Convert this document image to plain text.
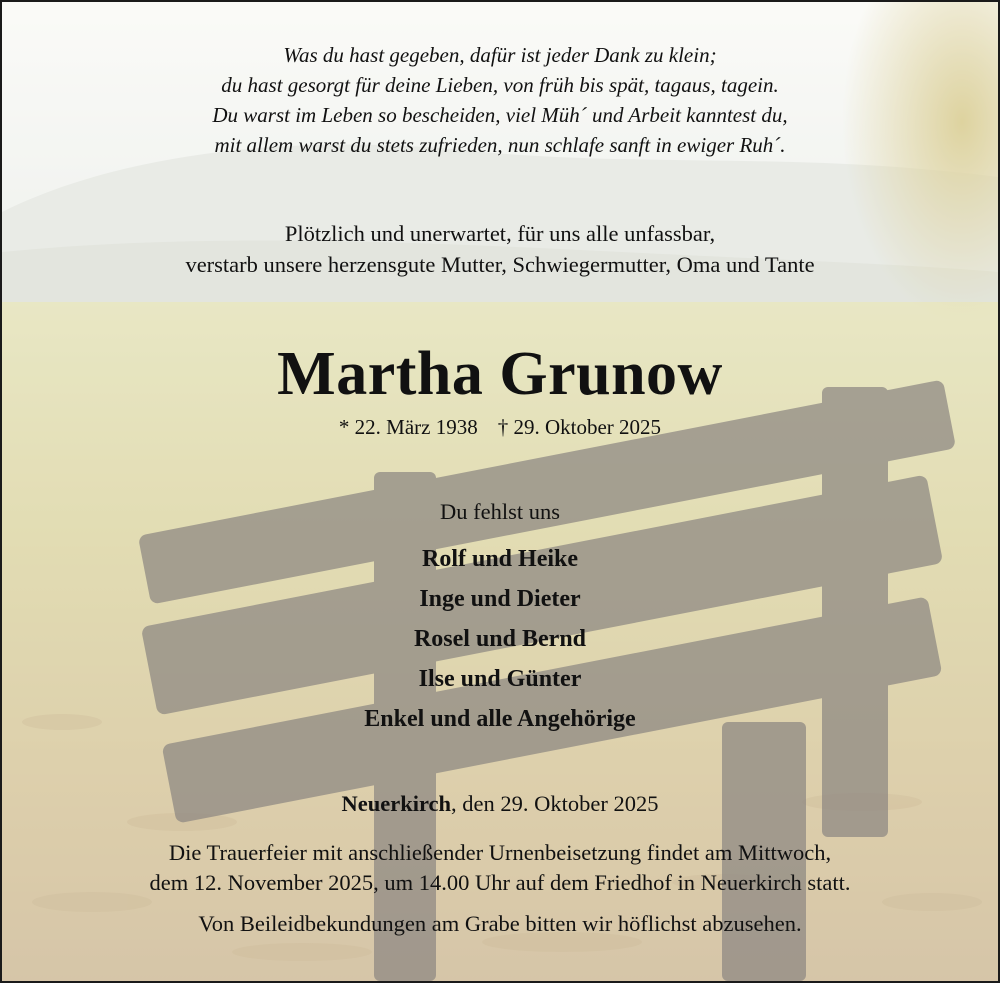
Was du hast gegeben, dafür ist jeder Dank zu klein;
du hast gesorgt für deine Lieben, von früh bis spät, tagaus, tagein.
Du warst im Leben so bescheiden, viel Müh´ und Arbeit kanntest du,
mit allem warst du stets zufrieden, nun schlafe sanft in ewiger Ruh´.
Plötzlich und unerwartet, für uns alle unfassbar,
verstarb unsere herzensgute Mutter, Schwiegermutter, Oma und Tante
Martha Grunow
* 22. März 1938 † 29. Oktober 2025
Du fehlst uns
Rolf und Heike
Inge und Dieter
Rosel und Bernd
Ilse und Günter
Enkel und alle Angehörige
Neuerkirch, den 29. Oktober 2025
Die Trauerfeier mit anschließender Urnenbeisetzung findet am Mittwoch,
dem 12. November 2025, um 14.00 Uhr auf dem Friedhof in Neuerkirch statt.
Von Beileidbekundungen am Grabe bitten wir höflichst abzusehen.
